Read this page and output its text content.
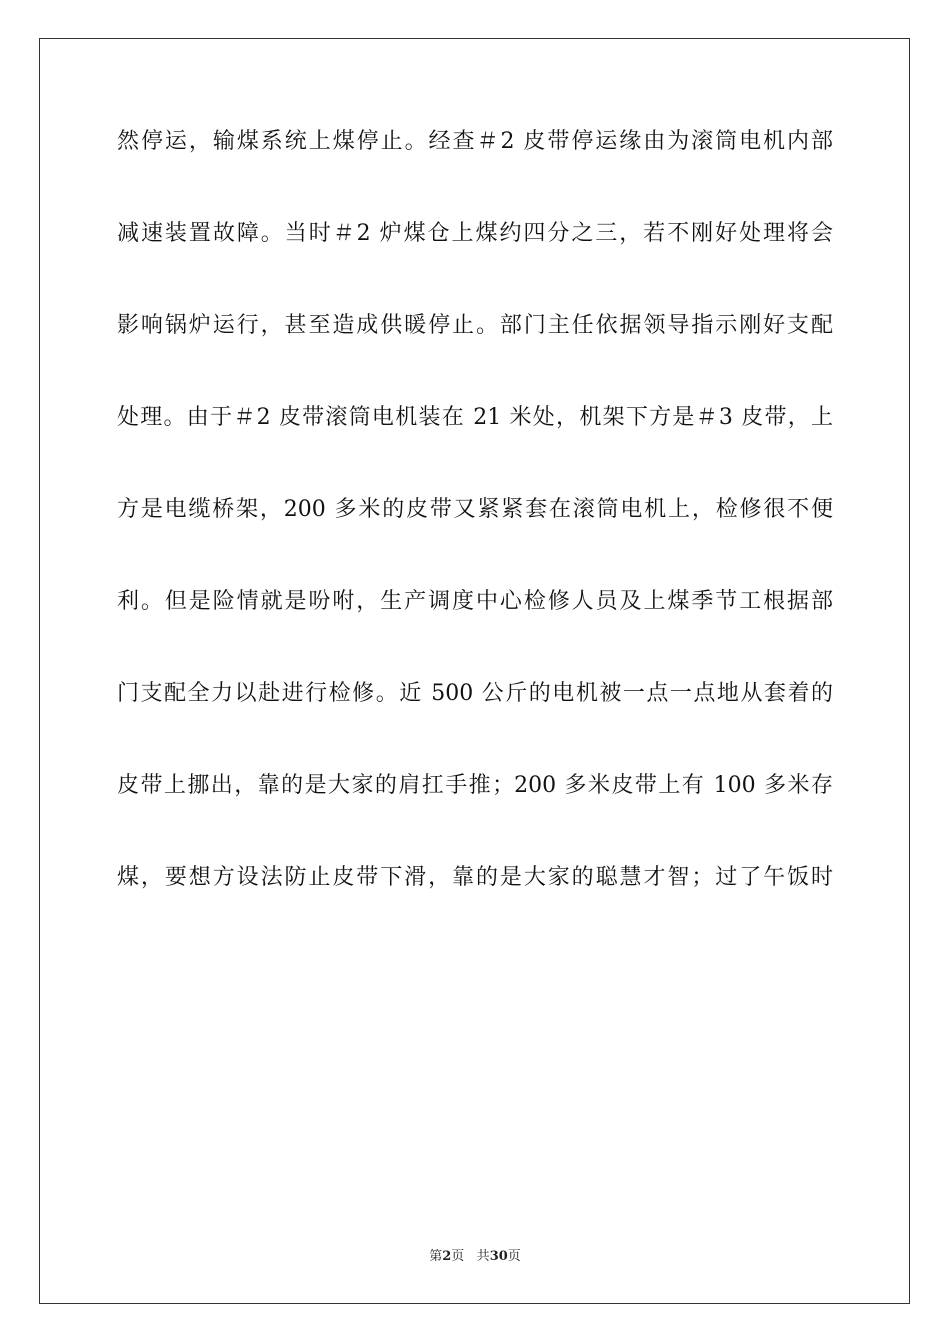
然停运，输煤系统上煤停止。经查＃2 皮带停运缘由为滚筒电机内部
减速装置故障。当时＃2 炉煤仓上煤约四分之三，若不刚好处理将会
影响锅炉运行，甚至造成供暖停止。部门主任依据领导指示刚好支配
处理。由于＃2 皮带滚筒电机装在 21 米处，机架下方是＃3 皮带，上
方是电缆桥架，200 多米的皮带又紧紧套在滚筒电机上，检修很不便
利。但是险情就是吩咐，生产调度中心检修人员及上煤季节工根据部
门支配全力以赴进行检修。近 500 公斤的电机被一点一点地从套着的
皮带上挪出，靠的是大家的肩扛手推；200 多米皮带上有 100 多米存
煤，要想方设法防止皮带下滑，靠的是大家的聪慧才智；过了午饭时
第2页 共30页
